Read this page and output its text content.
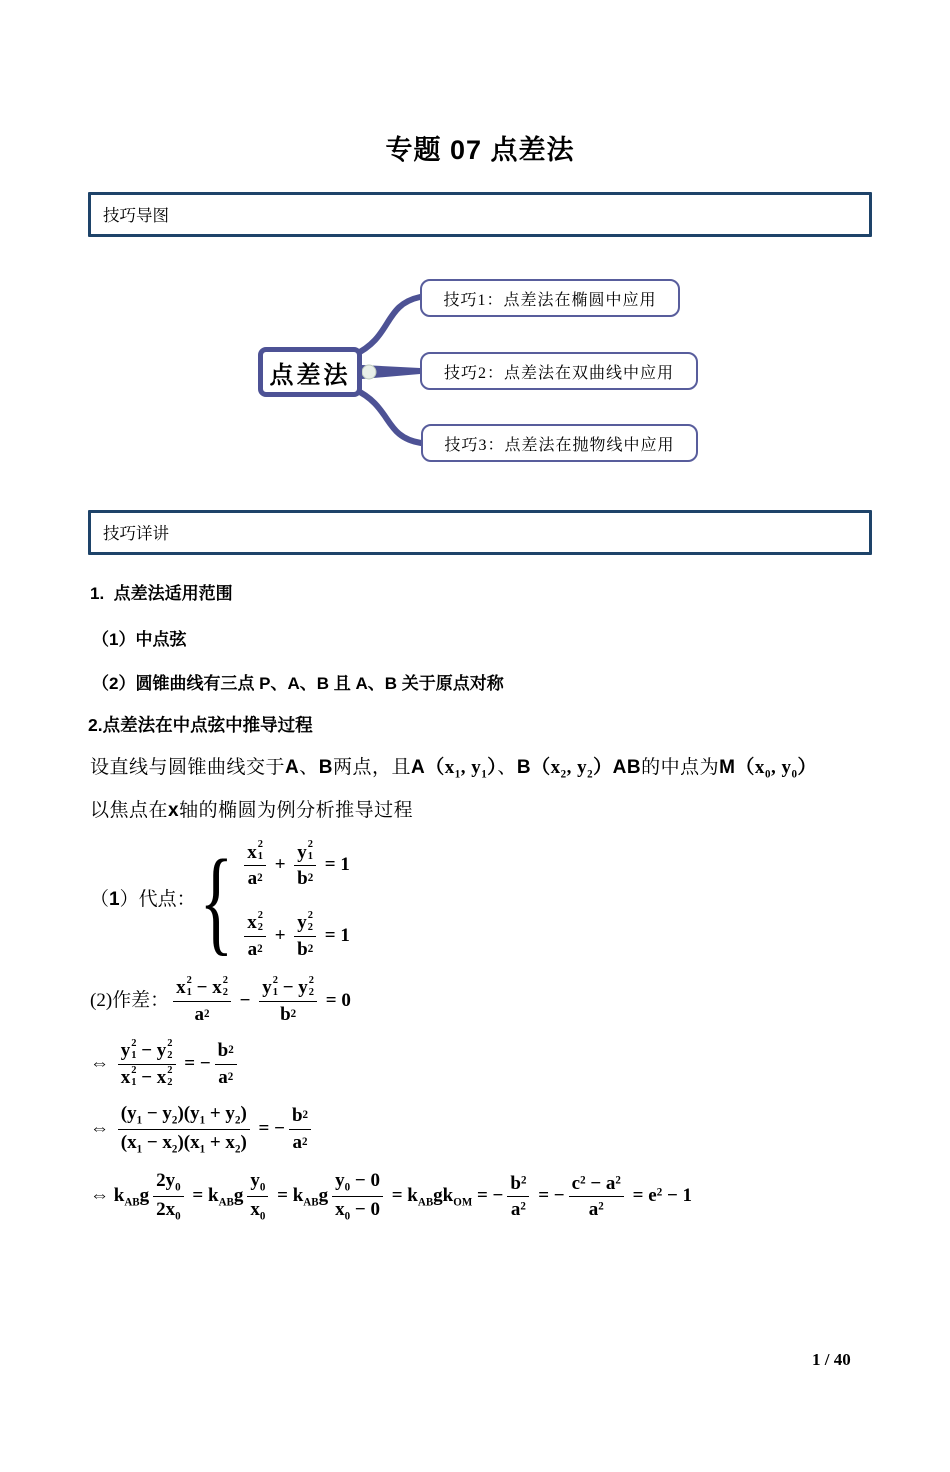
专题 07 点差法
技巧导图
点差法
技巧1：点差法在椭圆中应用
技巧2：点差法在双曲线中应用
技巧3：点差法在抛物线中应用
技巧详讲
1.  点差法适用范围
（1）中点弦
（2）圆锥曲线有三点 P、A、B 且 A、B 关于原点对称
2.点差法在中点弦中推导过程
设直线与圆锥曲线交于A、B两点，且$A(x_1$, $y_1$）、$B(x_2$, $y_2)AB$的中点为$M(x_0$, $y_0$）
以焦点在x轴的椭圆为例分析推导过程
（1）代点： { x 2
1
a 2 + y 2
1
b 2 = 1
x 2
2
a 2 + y 2
2
b 2 = 1
(2)作差： x 2
1 − x 2
2
a 2 − y 2
1 − y 2
2
b 2 = 0
⇔ y 2
1 − y 2
2
x 2
1 − x 2
2 = − $\frac{b 2}{a 2}$
⇔ $\frac{(y_1 - y_2)(y_1 + y_2)}{(x_1 - x_2)(x_1 + x_2)}$ = − $\frac{b 2}{a 2}$
⇔ $k_{AB}g \frac{2y_0}{2x_0} = k_{AB}g \frac{y_0}{x_0} = k_{AB}g \frac{y_0 - 0}{x_0 - 0} = k_{AB}gk_{OM}$ = − $\frac{b^2}{a^2}$ = − $\frac{c^2 - a^2}{a^2} = e^2 - 1$
1 / 40
